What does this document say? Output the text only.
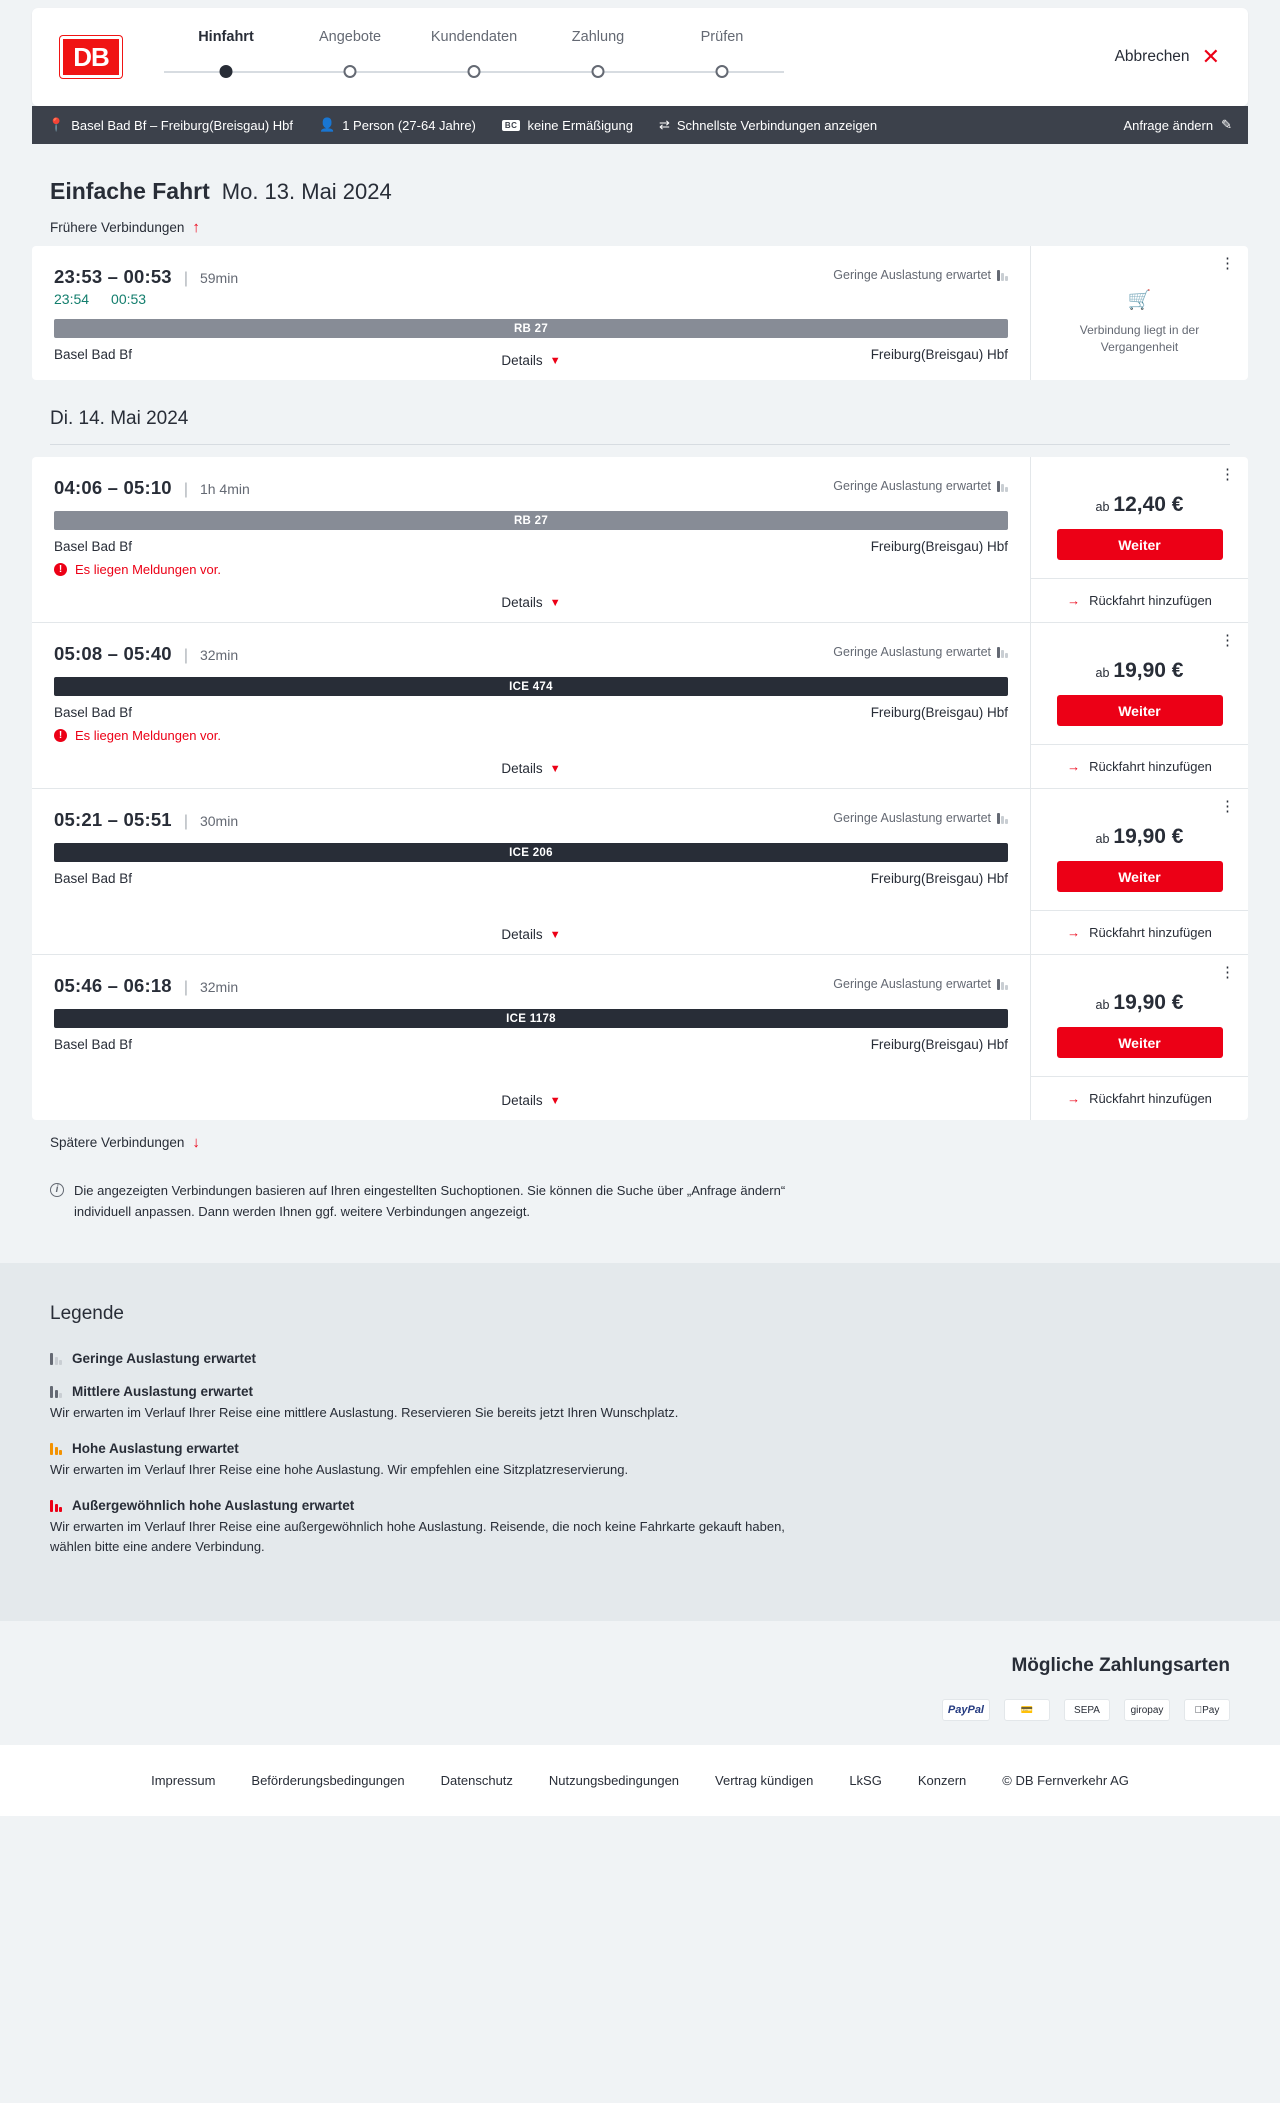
DB
Hinfahrt	Angebote	Kundendaten	Zahlung	Prüfen
Abbrechen ✕
📍 Basel Bad Bf – Freiburg(Breisgau) Hbf 👤 1 Person (27-64 Jahre)	BC keine Ermäßigung ⇄ Schnellste Verbindungen anzeigen	Anfrage ändern ✎
Einfache Fahrt Mo. 13. Mai 2024
Frühere Verbindungen ↑
23:53 – 00:53 | 59min	Geringe Auslastung erwartet
23:54 00:53
RB 27
Basel Bad Bf	Freiburg(Breisgau) Hbf
Details ▼
⋮
🛒
Verbindung liegt in der Vergangenheit
Di. 14. Mai 2024
04:06 – 05:10 | 1h 4min	Geringe Auslastung erwartet
RB 27
Basel Bad Bf	Freiburg(Breisgau) Hbf
! Es liegen Meldungen vor.
Details ▼
⋮
ab 12,40 €
Weiter
→ Rückfahrt hinzufügen
05:08 – 05:40 | 32min	Geringe Auslastung erwartet
ICE 474
Basel Bad Bf	Freiburg(Breisgau) Hbf
! Es liegen Meldungen vor.
Details ▼
⋮
ab 19,90 €
Weiter
→ Rückfahrt hinzufügen
05:21 – 05:51 | 30min	Geringe Auslastung erwartet
ICE 206
Basel Bad Bf	Freiburg(Breisgau) Hbf
Details ▼
⋮
ab 19,90 €
Weiter
→ Rückfahrt hinzufügen
05:46 – 06:18 | 32min	Geringe Auslastung erwartet
ICE 1178
Basel Bad Bf	Freiburg(Breisgau) Hbf
Details ▼
⋮
ab 19,90 €
Weiter
→ Rückfahrt hinzufügen
Spätere Verbindungen ↓
i	Die angezeigten Verbindungen basieren auf Ihren eingestellten Suchoptionen. Sie können die Suche über „Anfrage ändern“ individuell anpassen. Dann werden Ihnen ggf. weitere Verbindungen angezeigt.
Legende
Geringe Auslastung erwartet
Mittlere Auslastung erwartet
Wir erwarten im Verlauf Ihrer Reise eine mittlere Auslastung. Reservieren Sie bereits jetzt Ihren Wunschplatz.
Hohe Auslastung erwartet
Wir erwarten im Verlauf Ihrer Reise eine hohe Auslastung. Wir empfehlen eine Sitzplatzreservierung.
Außergewöhnlich hohe Auslastung erwartet
Wir erwarten im Verlauf Ihrer Reise eine außergewöhnlich hohe Auslastung. Reisende, die noch keine Fahrkarte gekauft haben, wählen bitte eine andere Verbindung.
Mögliche Zahlungsarten
PayPal	💳	SEPA	giropay	Pay
Impressum	Beförderungsbedingungen	Datenschutz	Nutzungsbedingungen	Vertrag kündigen	LkSG	Konzern	© DB Fernverkehr AG
